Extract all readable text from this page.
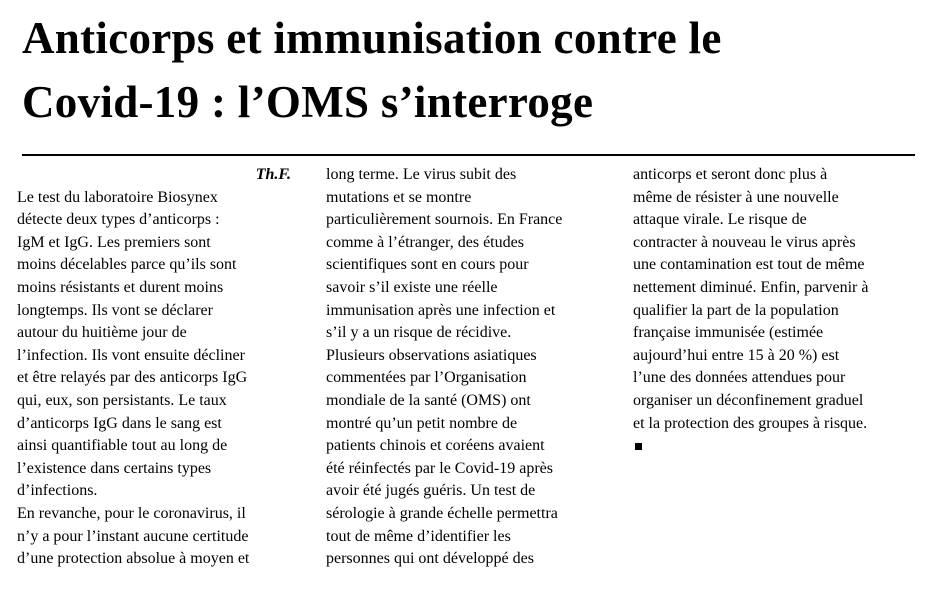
Anticorps et immunisation contre le
Covid-19 : l’OMS s’interroge
Th.F.
Le test du laboratoire Biosynex
détecte deux types d’anticorps :
IgM et IgG. Les premiers sont
moins décelables parce qu’ils sont
moins résistants et durent moins
longtemps. Ils vont se déclarer
autour du huitième jour de
l’infection. Ils vont ensuite décliner
et être relayés par des anticorps IgG
qui, eux, son persistants. Le taux
d’anticorps IgG dans le sang est
ainsi quantifiable tout au long de
l’existence dans certains types
d’infections.
En revanche, pour le coronavirus, il
n’y a pour l’instant aucune certitude
d’une protection absolue à moyen et
long terme. Le virus subit des
mutations et se montre
particulièrement sournois. En France
comme à l’étranger, des études
scientifiques sont en cours pour
savoir s’il existe une réelle
immunisation après une infection et
s’il y a un risque de récidive.
Plusieurs observations asiatiques
commentées par l’Organisation
mondiale de la santé (OMS) ont
montré qu’un petit nombre de
patients chinois et coréens avaient
été réinfectés par le Covid-19 après
avoir été jugés guéris. Un test de
sérologie à grande échelle permettra
tout de même d’identifier les
personnes qui ont développé des
anticorps et seront donc plus à
même de résister à une nouvelle
attaque virale. Le risque de
contracter à nouveau le virus après
une contamination est tout de même
nettement diminué. Enfin, parvenir à
qualifier la part de la population
française immunisée (estimée
aujourd’hui entre 15 à 20 %) est
l’une des données attendues pour
organiser un déconfinement graduel
et la protection des groupes à risque.
